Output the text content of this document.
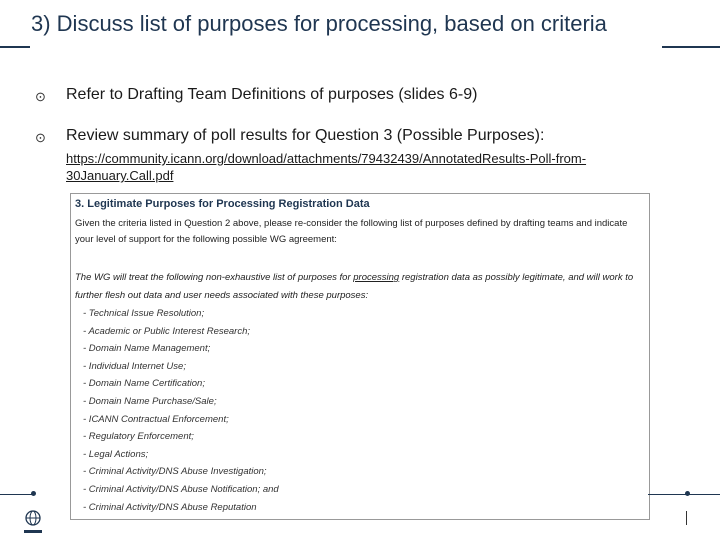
3) Discuss list of purposes for processing, based on criteria
⊙ Refer to Drafting Team Definitions of purposes (slides 6-9)
⊙ Review summary of poll results for Question 3 (Possible Purposes):
https://community.icann.org/download/attachments/79432439/AnnotatedResults-Poll-from-30January.Call.pdf
3. Legitimate Purposes for Processing Registration Data
Given the criteria listed in Question 2 above, please re-consider the following list of purposes defined by drafting teams and indicate
your level of support for the following possible WG agreement:
The WG will treat the following non-exhaustive list of purposes for processing registration data as possibly legitimate, and will work to
further flesh out data and user needs associated with these purposes:
- Technical Issue Resolution;
- Academic or Public Interest Research;
- Domain Name Management;
- Individual Internet Use;
- Domain Name Certification;
- Domain Name Purchase/Sale;
- ICANN Contractual Enforcement;
- Regulatory Enforcement;
- Legal Actions;
- Criminal Activity/DNS Abuse Investigation;
- Criminal Activity/DNS Abuse Notification; and
- Criminal Activity/DNS Abuse Reputation
